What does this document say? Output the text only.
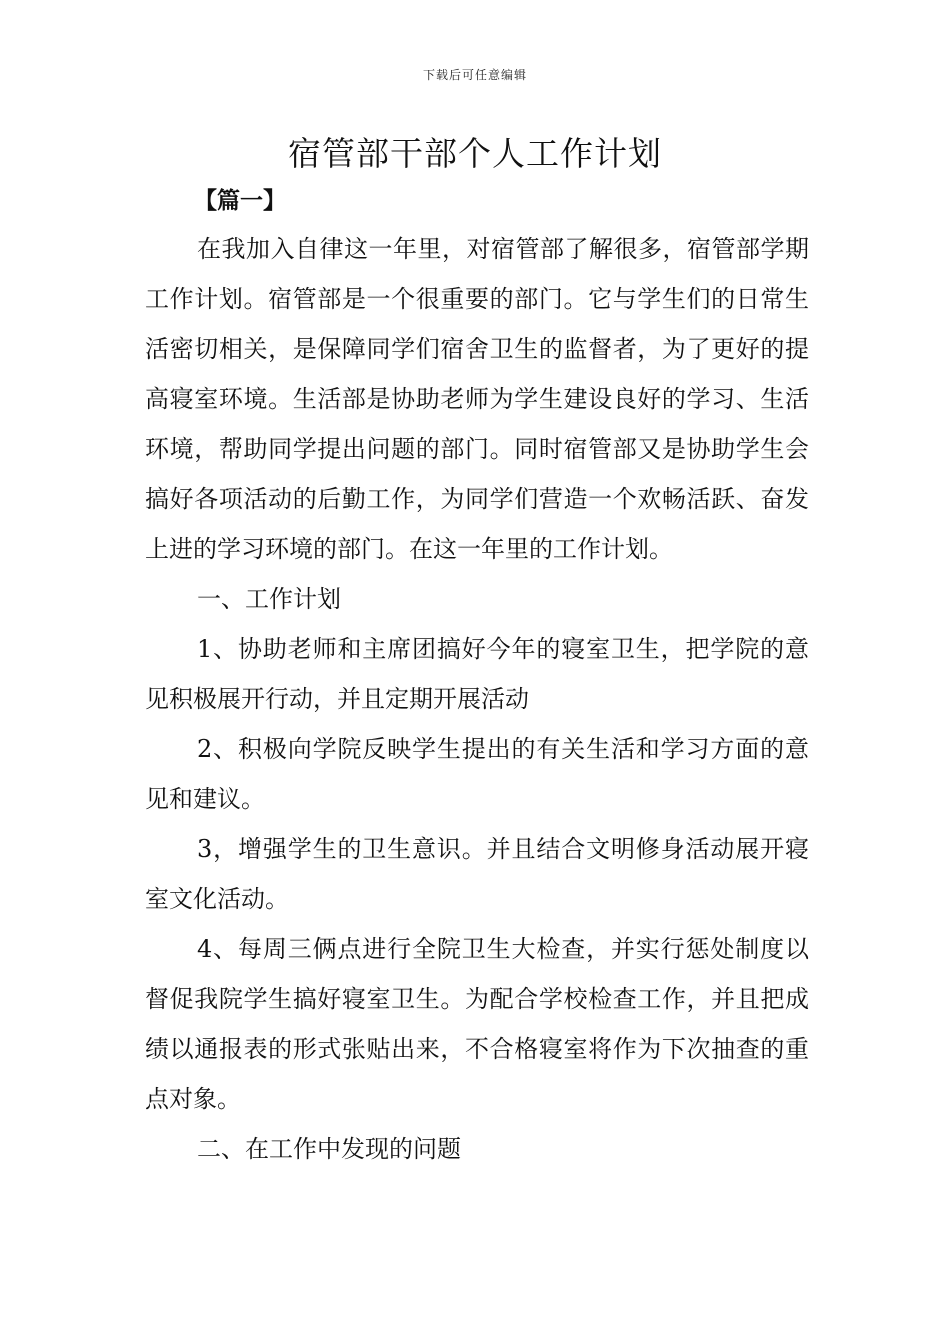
下载后可任意编辑
宿管部干部个人工作计划
【篇一】

在我加入自律这一年里，对宿管部了解很多，宿管部学期工作计划。宿管部是一个很重要的部门。它与学生们的日常生活密切相关，是保障同学们宿舍卫生的监督者，为了更好的提高寝室环境。生活部是协助老师为学生建设良好的学习、生活环境，帮助同学提出问题的部门。同时宿管部又是协助学生会搞好各项活动的后勤工作，为同学们营造一个欢畅活跃、奋发上进的学习环境的部门。在这一年里的工作计划。

一、工作计划

1、协助老师和主席团搞好今年的寝室卫生，把学院的意见积极展开行动，并且定期开展活动

2、积极向学院反映学生提出的有关生活和学习方面的意见和建议。

3，增强学生的卫生意识。并且结合文明修身活动展开寝室文化活动。

4、每周三俩点进行全院卫生大检查，并实行惩处制度以督促我院学生搞好寝室卫生。为配合学校检查工作，并且把成绩以通报表的形式张贴出来，不合格寝室将作为下次抽查的重点对象。

二、在工作中发现的问题
